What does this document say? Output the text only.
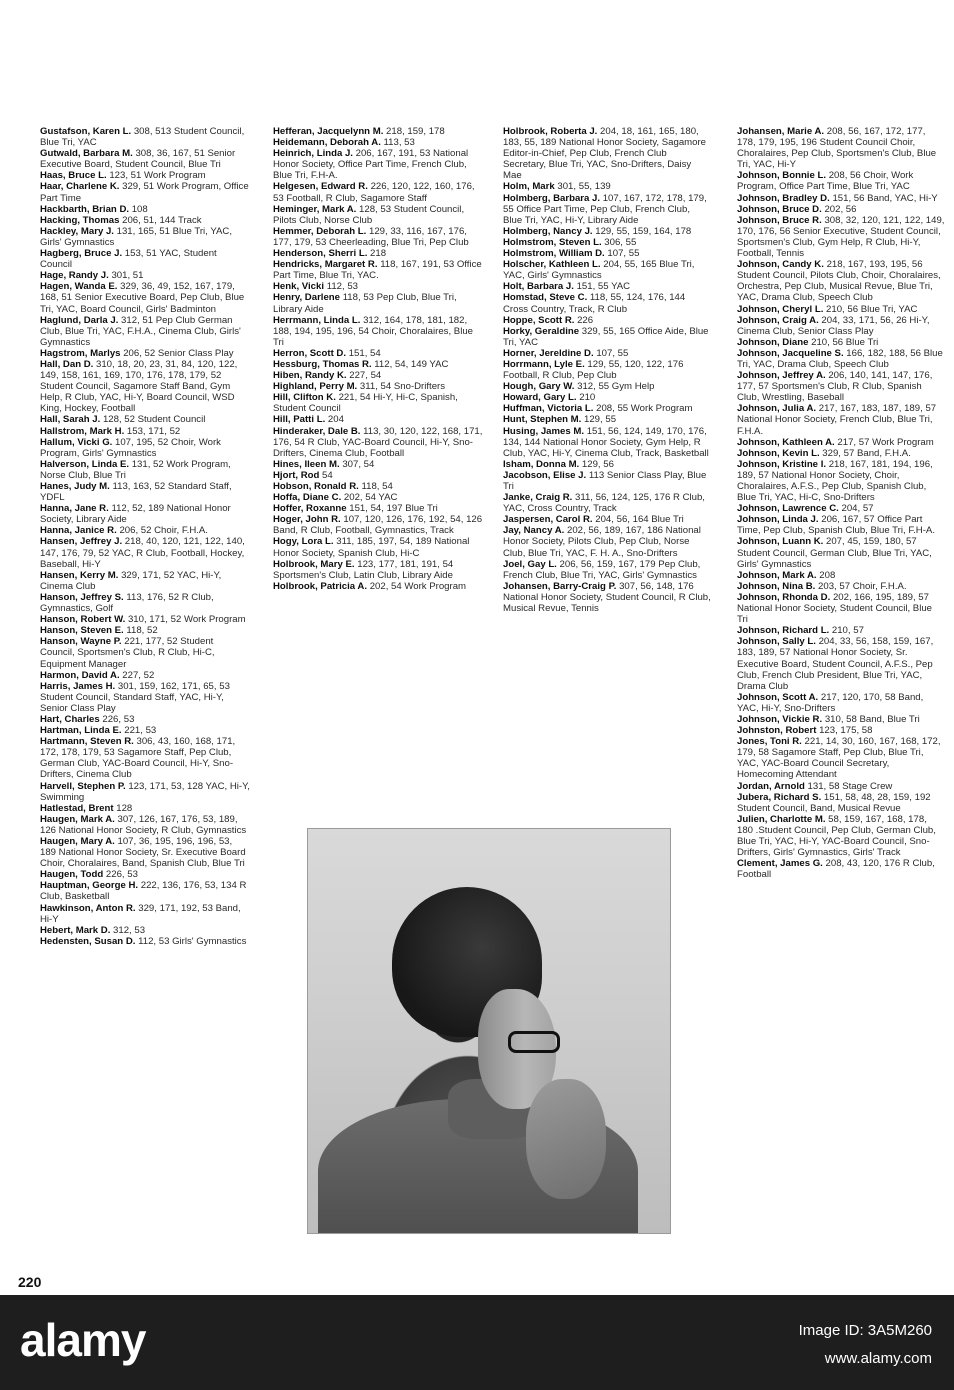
Gustafson, Karen L. 308, 513 Student Council, Blue Tri, YAC
Gutwald, Barbara M. 308, 36, 167, 51 Senior Executive Board, Student Council, Blue Tri
Haas, Bruce L. 123, 51 Work Program
Haar, Charlene K. 329, 51 Work Program, Office Part Time
Hackbarth, Brian D. 108
Hacking, Thomas 206, 51, 144 Track
Hackley, Mary J. 131, 165, 51 Blue Tri, YAC, Girls' Gymnastics
Hagberg, Bruce J. 153, 51 YAC, Student Council
Hage, Randy J. 301, 51
Hagen, Wanda E. 329, 36, 49, 152, 167, 179, 168, 51 Senior Executive Board, Pep Club, Blue Tri, YAC, Board Council, Girls' Badminton
Haglund, Darla J. 312, 51 Pep Club German Club, Blue Tri, YAC, F.H.A., Cinema Club, Girls' Gymnastics
Hagstrom, Marlys 206, 52 Senior Class Play
Hall, Dan D. 310, 18, 20, 23, 31, 84, 120, 122, 149, 158, 161, 169, 170, 176, 178, 179, 52 Student Council, Sagamore Staff Band, Gym Help, R Club, YAC, Hi-Y, Board Council, WSD King, Hockey, Football
Hall, Sarah J. 128, 52 Student Council
Hallstrom, Mark H. 153, 171, 52
Hallum, Vicki G. 107, 195, 52 Choir, Work Program, Girls' Gymnastics
Halverson, Linda E. 131, 52 Work Program, Norse Club, Blue Tri
Hanes, Judy M. 113, 163, 52 Standard Staff, YDFL
Hanna, Jane R. 112, 52, 189 National Honor Society, Library Aide
Hanna, Janice R. 206, 52 Choir, F.H.A.
Hansen, Jeffrey J. 218, 40, 120, 121, 122, 140, 147, 176, 79, 52 YAC, R Club, Football, Hockey, Baseball, Hi-Y
Hansen, Kerry M. 329, 171, 52 YAC, Hi-Y, Cinema Club
Hanson, Jeffrey S. 113, 176, 52 R Club, Gymnastics, Golf
Hanson, Robert W. 310, 171, 52 Work Program
Hanson, Steven E. 118, 52
Hanson, Wayne P. 221, 177, 52 Student Council, Sportsmen's Club, R Club, Hi-C, Equipment Manager
Harmon, David A. 227, 52
Harris, James H. 301, 159, 162, 171, 65, 53 Student Council, Standard Staff, YAC, Hi-Y, Senior Class Play
Hart, Charles 226, 53
Hartman, Linda E. 221, 53
Hartmann, Steven R. 306, 43, 160, 168, 171, 172, 178, 179, 53 Sagamore Staff, Pep Club, German Club, YAC-Board Council, Hi-Y, Sno-Drifters, Cinema Club
Harvell, Stephen P. 123, 171, 53, 128 YAC, Hi-Y, Swimming
Hatlestad, Brent 128
Haugen, Mark A. 307, 126, 167, 176, 53, 189, 126 National Honor Society, R Club, Gymnastics
Haugen, Mary A. 107, 36, 195, 196, 196, 53, 189 National Honor Society, Sr. Executive Board Choir, Choralaires, Band, Spanish Club, Blue Tri
Haugen, Todd 226, 53
Hauptman, George H. 222, 136, 176, 53, 134 R Club, Basketball
Hawkinson, Anton R. 329, 171, 192, 53 Band, Hi-Y
Hebert, Mark D. 312, 53
Hedensten, Susan D. 112, 53 Girls' Gymnastics
Hefferan, Jacquelynn M. 218, 159, 178
Heidemann, Deborah A. 113, 53
Heinrich, Linda J. 206, 167, 191, 53 National Honor Society, Office Part Time, French Club, Blue Tri, F.H-A.
Helgesen, Edward R. 226, 120, 122, 160, 176, 53 Football, R Club, Sagamore Staff
Heminger, Mark A. 128, 53 Student Council, Pilots Club, Norse Club
Hemmer, Deborah L. 129, 33, 116, 167, 176, 177, 179, 53 Cheerleading, Blue Tri, Pep Club
Henderson, Sherri L. 218
Hendricks, Margaret R. 118, 167, 191, 53 Office Part Time, Blue Tri, YAC.
Henk, Vicki 112, 53
Henry, Darlene 118, 53 Pep Club, Blue Tri, Library Aide
Herrmann, Linda L. 312, 164, 178, 181, 182, 188, 194, 195, 196, 54 Choir, Choralaires, Blue Tri
Herron, Scott D. 151, 54
Hessburg, Thomas R. 112, 54, 149 YAC
Hiben, Randy K. 227, 54
Highland, Perry M. 311, 54 Sno-Drifters
Hill, Clifton K. 221, 54 Hi-Y, Hi-C, Spanish, Student Council
Hill, Patti L. 204
Hinderaker, Dale B. 113, 30, 120, 122, 168, 171, 176, 54 R Club, YAC-Board Council, Hi-Y, Sno-Drifters, Cinema Club, Football
Hines, Ileen M. 307, 54
Hjort, Rod 54
Hobson, Ronald R. 118, 54
Hoffa, Diane C. 202, 54 YAC
Hoffer, Roxanne 151, 54, 197 Blue Tri
Hoger, John R. 107, 120, 126, 176, 192, 54, 126 Band, R Club, Football, Gymnastics, Track
Hogy, Lora L. 311, 185, 197, 54, 189 National Honor Society, Spanish Club, Hi-C
Holbrook, Mary E. 123, 177, 181, 191, 54 Sportsmen's Club, Latin Club, Library Aide
Holbrook, Patricia A. 202, 54 Work Program
Holbrook, Roberta J. 204, 18, 161, 165, 180, 183, 55, 189 National Honor Society, Sagamore Editor-in-Chief, Pep Club, French Club Secretary, Blue Tri, YAC, Sno-Drifters, Daisy Mae
Holm, Mark 301, 55, 139
Holmberg, Barbara J. 107, 167, 172, 178, 179, 55 Office Part Time, Pep Club, French Club, Blue Tri, YAC, Hi-Y, Library Aide
Holmberg, Nancy J. 129, 55, 159, 164, 178
Holmstrom, Steven L. 306, 55
Holmstrom, William D. 107, 55
Holscher, Kathleen L. 204, 55, 165 Blue Tri, YAC, Girls' Gymnastics
Holt, Barbara J. 151, 55 YAC
Homstad, Steve C. 118, 55, 124, 176, 144 Cross Country, Track, R Club
Hoppe, Scott R. 226
Horky, Geraldine 329, 55, 165 Office Aide, Blue Tri, YAC
Horner, Jereldine D. 107, 55
Horrmann, Lyle E. 129, 55, 120, 122, 176 Football, R Club, Pep Club
Hough, Gary W. 312, 55 Gym Help
Howard, Gary L. 210
Huffman, Victoria L. 208, 55 Work Program
Hunt, Stephen M. 129, 55
Husing, James M. 151, 56, 124, 149, 170, 176, 134, 144 National Honor Society, Gym Help, R Club, YAC, Hi-Y, Cinema Club, Track, Basketball
Isham, Donna M. 129, 56
Jacobson, Elise J. 113 Senior Class Play, Blue Tri
Janke, Craig R. 311, 56, 124, 125, 176 R Club, YAC, Cross Country, Track
Jaspersen, Carol R. 204, 56, 164 Blue Tri
Jay, Nancy A. 202, 56, 189, 167, 186 National Honor Society, Pilots Club, Pep Club, Norse Club, Blue Tri, YAC, F. H. A., Sno-Drifters
Joel, Gay L. 206, 56, 159, 167, 179 Pep Club, French Club, Blue Tri, YAC, Girls' Gymnastics
Johansen, Barry-Craig P. 307, 56, 148, 176 National Honor Society, Student Council, R Club, Musical Revue, Tennis
Johansen, Marie A. 208, 56, 167, 172, 177, 178, 179, 195, 196 Student Council Choir, Choralaires, Pep Club, Sportsmen's Club, Blue Tri, YAC, Hi-Y
Johnson, Bonnie L. 208, 56 Choir, Work Program, Office Part Time, Blue Tri, YAC
Johnson, Bradley D. 151, 56 Band, YAC, Hi-Y
Johnson, Bruce D. 202, 56
Johnson, Bruce R. 308, 32, 120, 121, 122, 149, 170, 176, 56 Senior Executive, Student Council, Sportsmen's Club, Gym Help, R Club, Hi-Y, Football, Tennis
Johnson, Candy K. 218, 167, 193, 195, 56 Student Council, Pilots Club, Choir, Choralaires, Orchestra, Pep Club, Musical Revue, Blue Tri, YAC, Drama Club, Speech Club
Johnson, Cheryl L. 210, 56 Blue Tri, YAC
Johnson, Craig A. 204, 33, 171, 56, 26 Hi-Y, Cinema Club, Senior Class Play
Johnson, Diane 210, 56 Blue Tri
Johnson, Jacqueline S. 166, 182, 188, 56 Blue Tri, YAC, Drama Club, Speech Club
Johnson, Jeffrey A. 206, 140, 141, 147, 176, 177, 57 Sportsmen's Club, R Club, Spanish Club, Wrestling, Baseball
Johnson, Julia A. 217, 167, 183, 187, 189, 57 National Honor Society, French Club, Blue Tri, F.H.A.
Johnson, Kathleen A. 217, 57 Work Program
Johnson, Kevin L. 329, 57 Band, F.H.A.
Johnson, Kristine I. 218, 167, 181, 194, 196, 189, 57 National Honor Society, Choir, Choralaires, A.F.S., Pep Club, Spanish Club, Blue Tri, YAC, Hi-C, Sno-Drifters
Johnson, Lawrence C. 204, 57
Johnson, Linda J. 206, 167, 57 Office Part Time, Pep Club, Spanish Club, Blue Tri, F.H-A.
Johnson, Luann K. 207, 45, 159, 180, 57 Student Council, German Club, Blue Tri, YAC, Girls' Gymnastics
Johnson, Mark A. 208
Johnson, Nina B. 203, 57 Choir, F.H.A.
Johnson, Rhonda D. 202, 166, 195, 189, 57 National Honor Society, Student Council, Blue Tri
Johnson, Richard L. 210, 57
Johnson, Sally L. 204, 33, 56, 158, 159, 167, 183, 189, 57 National Honor Society, Sr. Executive Board, Student Council, A.F.S., Pep Club, French Club President, Blue Tri, YAC, Drama Club
Johnson, Scott A. 217, 120, 170, 58 Band, YAC, Hi-Y, Sno-Drifters
Johnson, Vickie R. 310, 58 Band, Blue Tri
Johnston, Robert 123, 175, 58
Jones, Toni R. 221, 14, 30, 160, 167, 168, 172, 179, 58 Sagamore Staff, Pep Club, Blue Tri, YAC, YAC-Board Council Secretary, Homecoming Attendant
Jordan, Arnold 131, 58 Stage Crew
Jubera, Richard S. 151, 58, 48, 28, 159, 192 Student Council, Band, Musical Revue
Julien, Charlotte M. 58, 159, 167, 168, 178, 180 .Student Council, Pep Club, German Club, Blue Tri, YAC, Hi-Y, YAC-Board Council, Sno-Drifters, Girls' Gymnastics, Girls' Track
Clement, James G. 208, 43, 120, 176 R Club, Football
220
alamy	Image ID: 3A5M260
www.alamy.com
